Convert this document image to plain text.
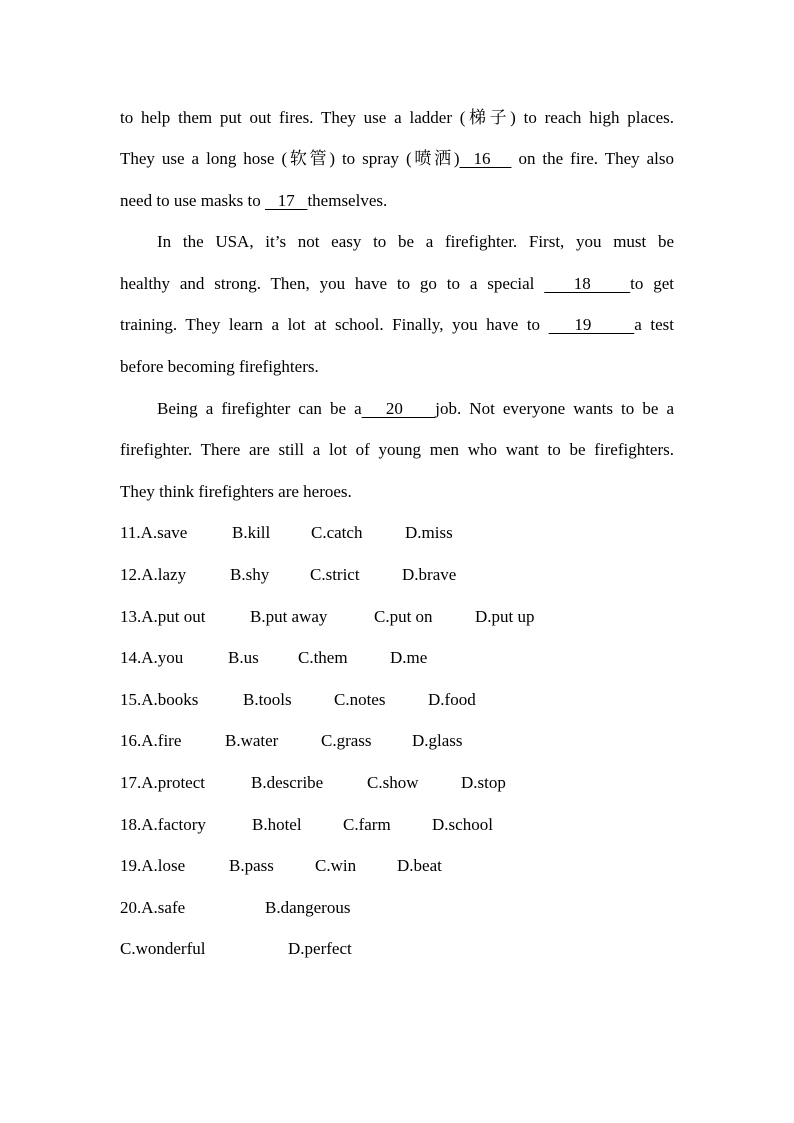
to help them put out fires. They use a ladder (梯子) to reach high places.
They use a long hose (软管) to spray (喷洒)  16    on the fire. They also
need to use masks to    17   themselves.
In the USA, it’s not easy to be a firefighter. First, you must be
healthy and strong. Then, you have to go to a special    18    to get
training. They learn a lot at school. Finally, you have to    19     a test
before becoming firefighters.
Being a firefighter can be a   20    job. Not everyone wants to be a
firefighter. There are still a lot of young men who want to be firefighters.
They think firefighters are heroes.
11.A.save	B.kill C.catch	D.miss
12.A.lazy	B.shy C.strict D.brave
13.A.put out	B.put away	C.put on D.put up
14.A.you	B.us C.them D.me
15.A.books	B.tools C.notes	D.food
16.A.fire	B.water	C.grass D.glass
17.A.protect	B.describe	C.show	D.stop
18.A.factory	B.hotel C.farm D.school
19.A.lose	B.pass C.win D.beat
20.A.safe	B.dangerous
C.wonderful	D.perfect
